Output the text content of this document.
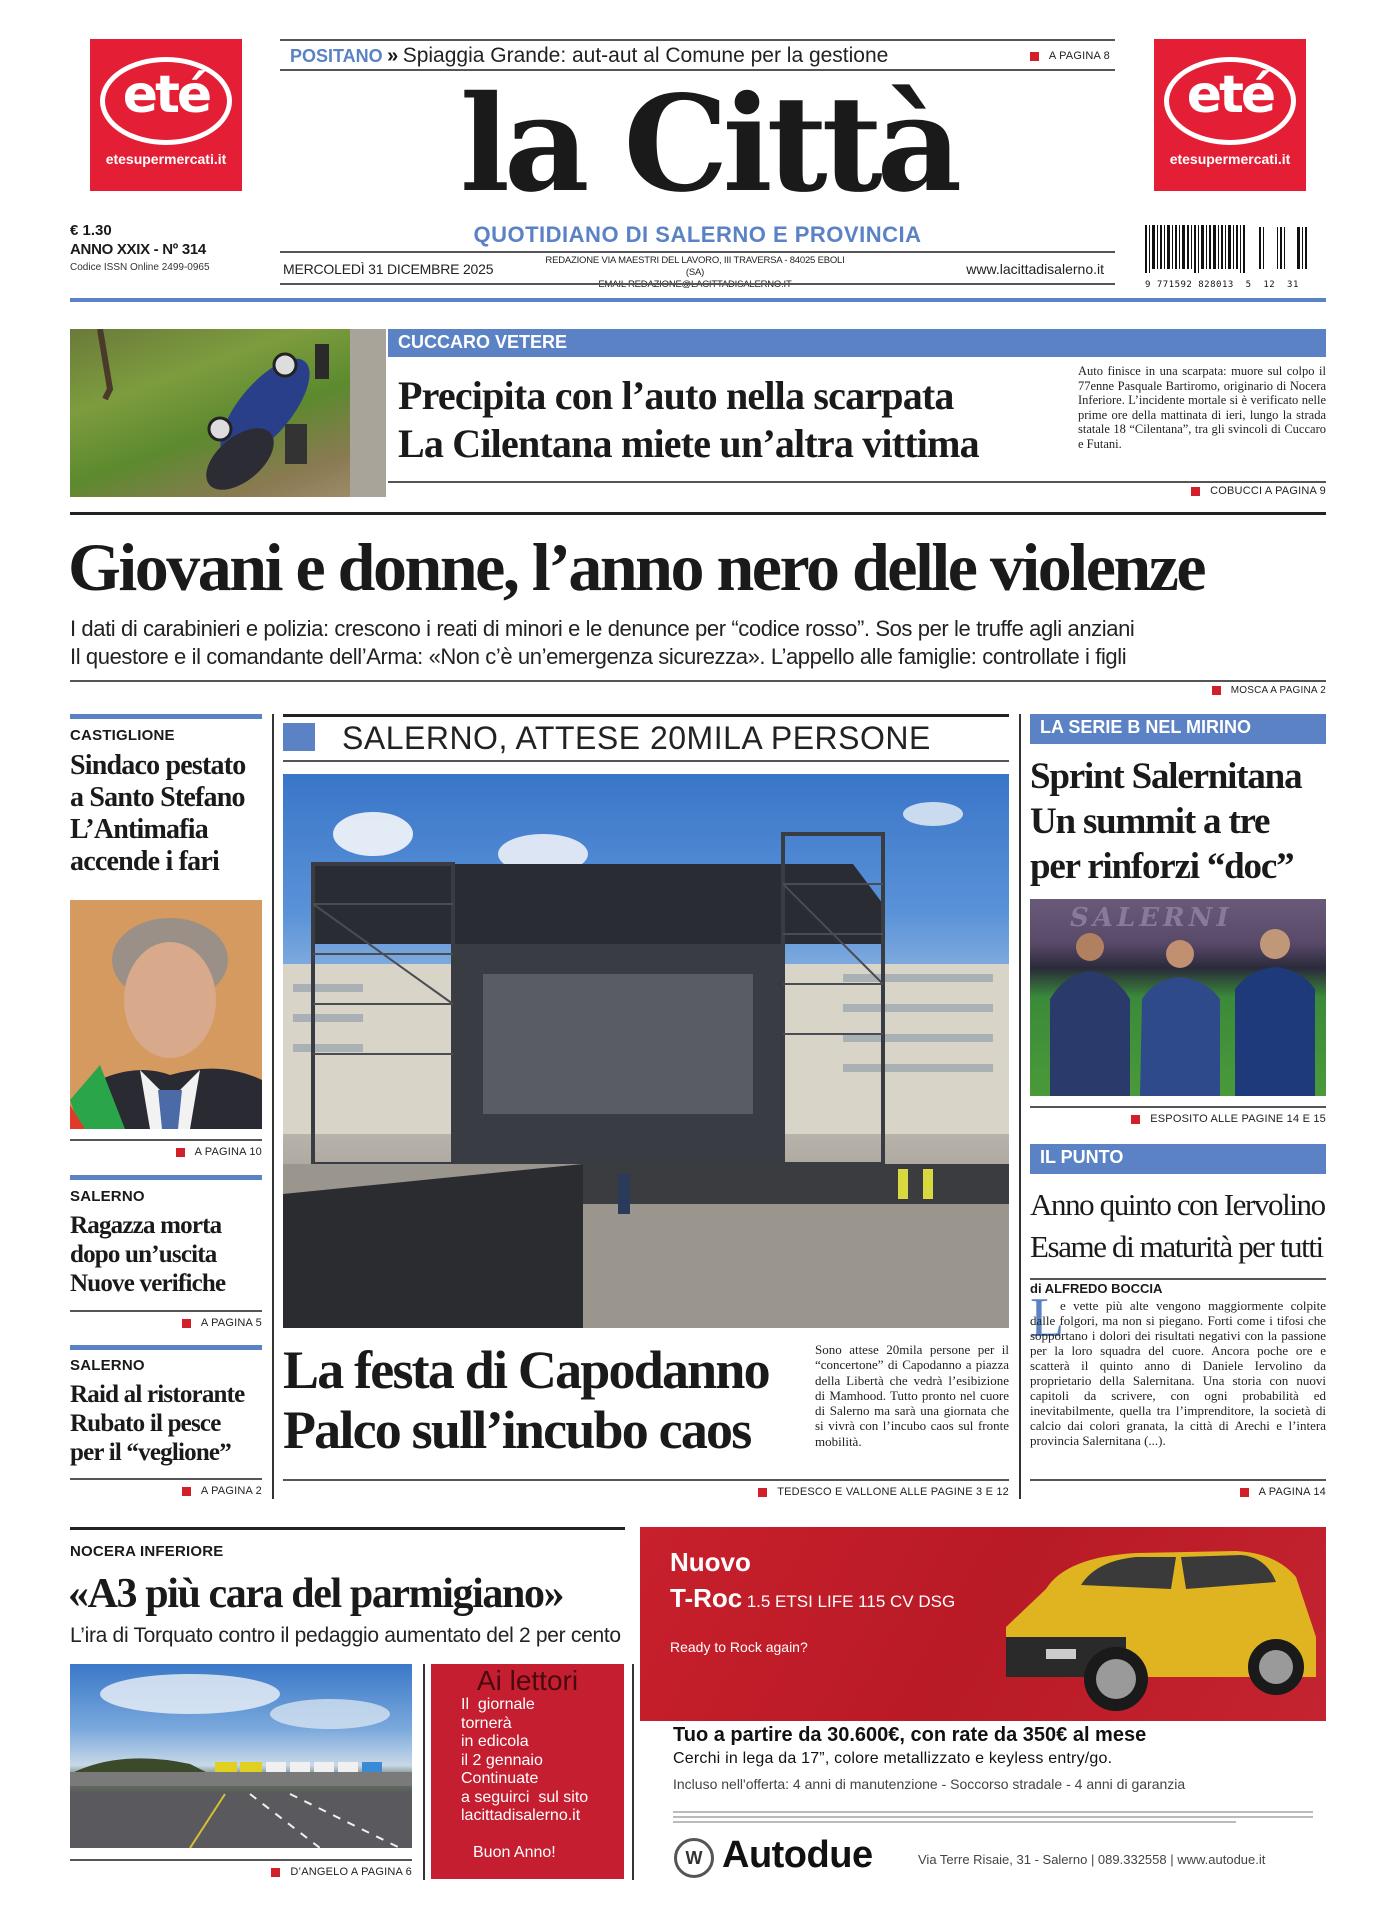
eté
etesupermercati.it
eté
etesupermercati.it
POSITANO » Spiaggia Grande: aut-aut al Comune per la gestione	A PAGINA 8
la Città
QUOTIDIANO DI SALERNO E PROVINCIA
€ 1.30
ANNO XXIX - Nº 314
Codice ISSN Online 2499-0965	MERCOLEDÌ 31 DICEMBRE 2025
REDAZIONE VIA MAESTRI DEL LAVORO, III TRAVERSA - 84025 EBOLI (SA)	www.lacittadisalerno.it
9 771592 828013  5  12  31
CUCCARO VETERE
Precipita con l’auto nella scarpata
La Cilentana miete un’altra vittima
Auto finisce in una scarpata: muore sul colpo il 77enne Pasquale Bartiromo, originario di Nocera Inferiore. L’incidente mortale si è verificato nelle prime ore della mattinata di ieri, lungo la strada statale 18 “Cilentana”, tra gli svincoli di Cuccaro e Futani.
COBUCCI A PAGINA 9
Giovani e donne, l’anno nero delle violenze
I dati di carabinieri e polizia: crescono i reati di minori e le denunce per “codice rosso”. Sos per le truffe agli anziani
Il questore e il comandante dell’Arma: «Non c’è un’emergenza sicurezza». L’appello alle famiglie: controllate i figli
MOSCA A PAGINA 2
CASTIGLIONE
Sindaco pestato
a Santo Stefano
L’Antimafia
accende i fari
A PAGINA 10
SALERNO
Ragazza morta
dopo un’uscita
Nuove verifiche
A PAGINA 5
SALERNO
Raid al ristorante
Rubato il pesce
per il “veglione”
A PAGINA 2
SALERNO, ATTESE 20MILA PERSONE
La festa di Capodanno
Palco sull’incubo caos
Sono attese 20mila persone per il “concertone” di Capodanno a piazza della Libertà che vedrà l’esibizione di Mamhood. Tutto pronto nel cuore di Salerno ma sarà una giornata che si vivrà con l’incubo caos sul fronte mobilità.
TEDESCO E VALLONE ALLE PAGINE 3 E 12
LA SERIE B NEL MIRINO
Sprint Salernitana
Un summit a tre
per rinforzi “doc”
SALERNI
ESPOSITO ALLE PAGINE 14 E 15
IL PUNTO
Anno quinto con Iervolino
Esame di maturità per tutti
di ALFREDO BOCCIA
L
e vette più alte vengono maggiormente colpite dalle folgori, ma non si piegano. Forti come i tifosi che sopportano i dolori dei risultati negativi con la passione per la loro squadra del cuore. Ancora poche ore e scatterà il quinto anno di Daniele Iervolino da proprietario della Salernitana. Una storia con nuovi capitoli da scrivere, con ogni probabilità ed inevitabilmente, quella tra l’imprenditore, la società di calcio dai colori granata, la città di Arechi e l’intera provincia Salernitana (...).
A PAGINA 14
NOCERA INFERIORE
«A3 più cara del parmigiano»
L’ira di Torquato contro il pedaggio aumentato del 2 per cento
D’ANGELO A PAGINA 6
Ai lettori
Il  giornale
tornerà
in edicola
il 2 gennaio
Continuate
a seguirci  sul sito
lacittadisalerno.it
Buon Anno!
Nuovo
T-Roc 1.5 ETSI LIFE 115 CV DSG
Ready to Rock again?
Tuo a partire da 30.600€, con rate da 350€ al mese
Cerchi in lega da 17”, colore metallizzato e keyless entry/go.
Incluso nell'offerta: 4 anni di manutenzione - Soccorso stradale - 4 anni di garanzia
W Autodue	Via Terre Risaie, 31 - Salerno | 089.332558 | www.autodue.it
